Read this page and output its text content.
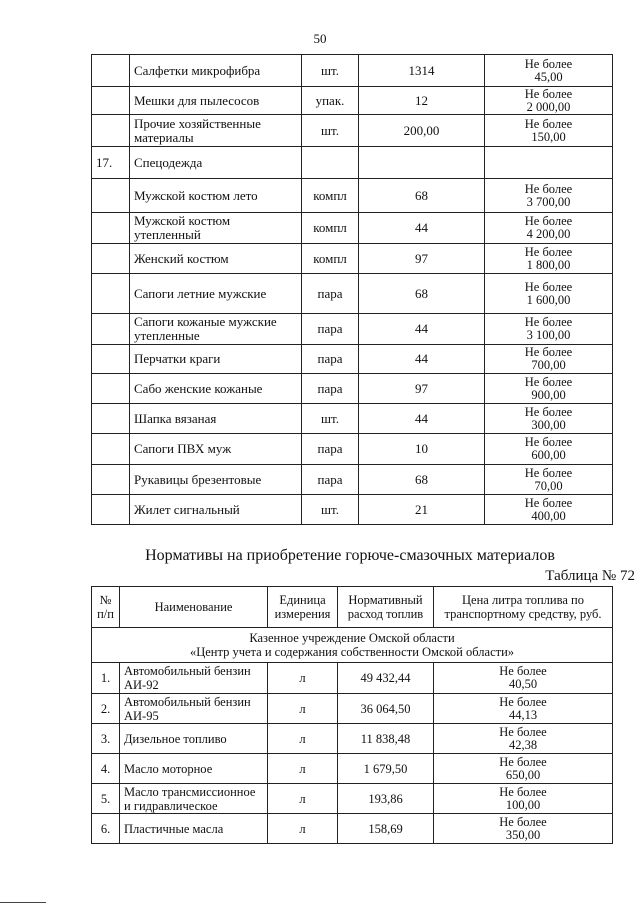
50
	Салфетки микрофибра	шт.	1314	Не более
45,00

	Мешки для пылесосов	упак.	12	Не более
2 000,00

	Прочие хозяйственные материалы	шт.	200,00	Не более
150,00

17.	Спецодежда			

	Мужской костюм лето	компл	68	Не более
3 700,00

	Мужской костюм утепленный	компл	44	Не более
4 200,00

	Женский костюм	компл	97	Не более
1 800,00

	Сапоги летние мужские	пара	68	Не более
1 600,00

	Сапоги кожаные мужские утепленные	пара	44	Не более
3 100,00

	Перчатки краги	пара	44	Не более
700,00

	Сабо женские кожаные	пара	97	Не более
900,00

	Шапка вязаная	шт.	44	Не более
300,00

	Сапоги ПВХ муж	пара	10	Не более
600,00

	Рукавицы брезентовые	пара	68	Не более
70,00

	Жилет сигнальный	шт.	21	Не более
400,00
Нормативы на приобретение горюче-смазочных материалов
Таблица № 72
№ п/п	Наименование	Единица измерения	Нормативный расход топлив	Цена литра топлива по транспортному средству, руб.

Казенное учреждение Омской области
«Центр учета и содержания собственности Омской области»				

1.	Автомобильный бензин АИ-92	л	49 432,44	Не более
40,50

2.	Автомобильный бензин АИ-95	л	36 064,50	Не более
44,13

3.	Дизельное топливо	л	11 838,48	Не более
42,38

4.	Масло моторное	л	1 679,50	Не более
650,00

5.	Масло трансмиссионное и гидравлическое	л	193,86	Не более
100,00

6.	Пластичные масла	л	158,69	Не более
350,00
